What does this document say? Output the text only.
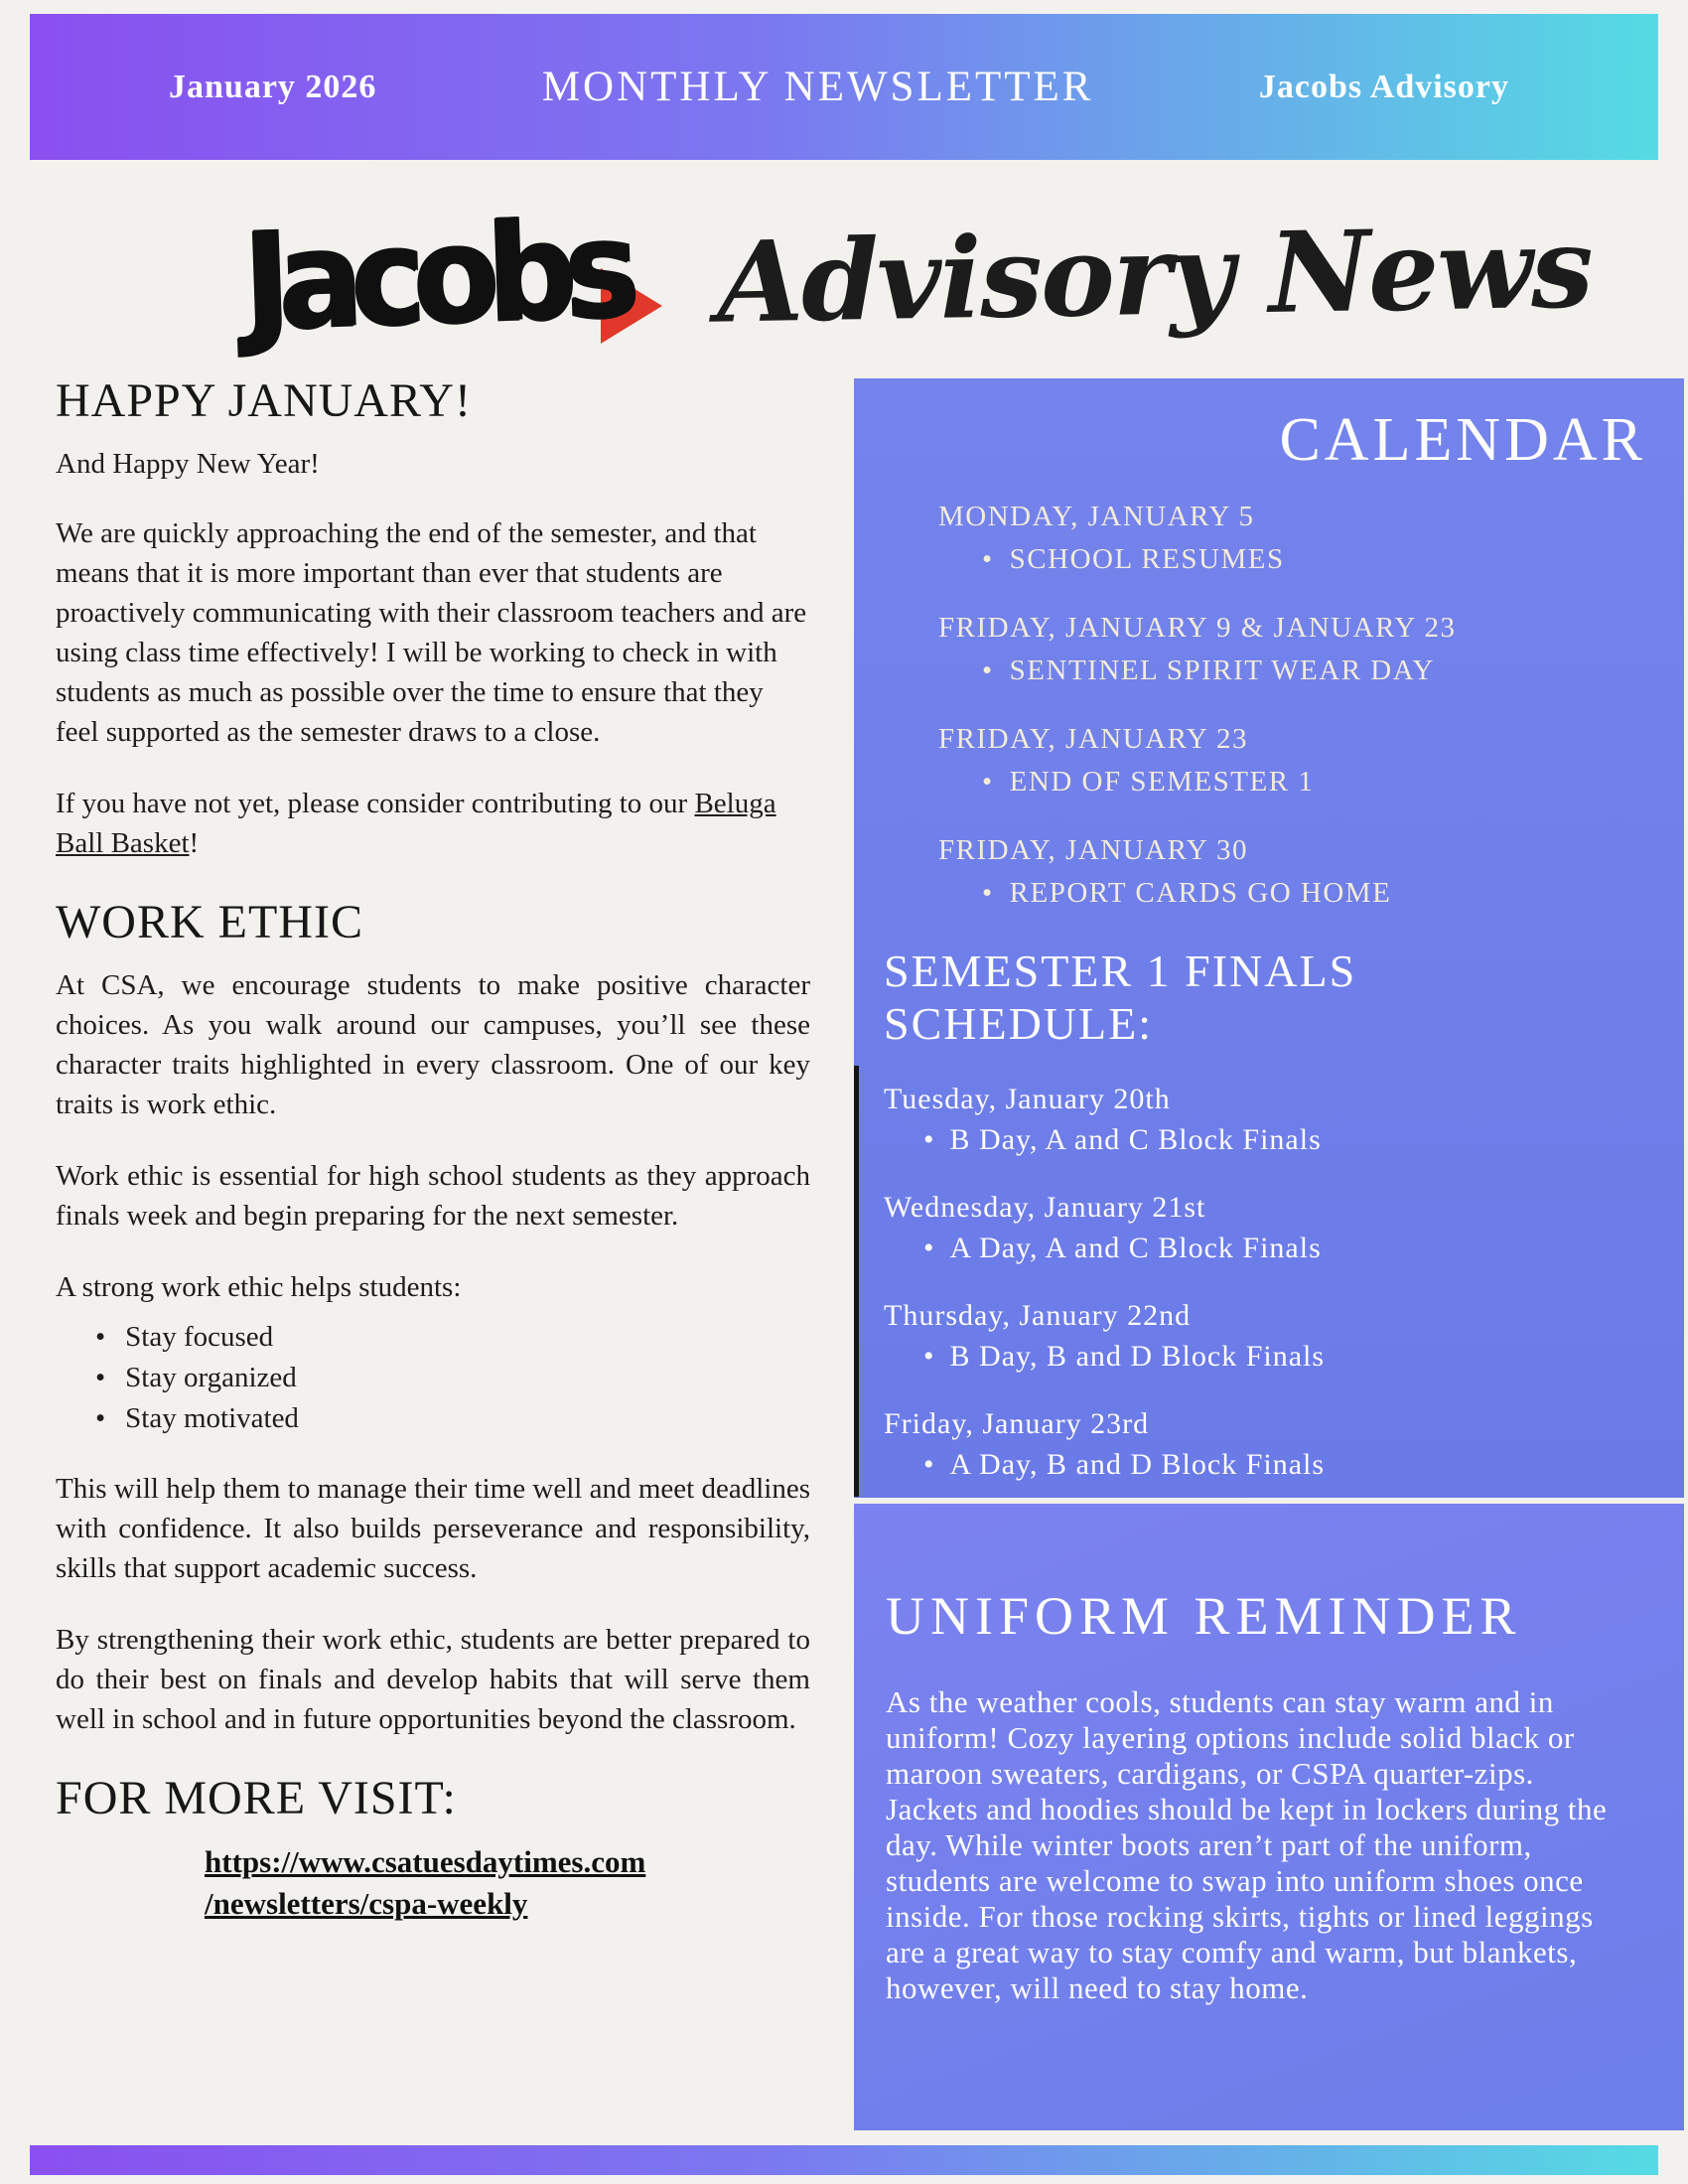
January 2026	MONTHLY NEWSLETTER	Jacobs Advisory
Jacobs Advisory News
HAPPY JANUARY!

And Happy New Year!

We are quickly approaching the end of the semester, and that means that it is more important than ever that students are proactively communicating with their classroom teachers and are using class time effectively! I will be working to check in with students as much as possible over the time to ensure that they feel supported as the semester draws to a close.

If you have not yet, please consider contributing to our Beluga Ball Basket!

WORK ETHIC

At CSA, we encourage students to make positive character choices. As you walk around our campuses, you’ll see these character traits highlighted in every classroom. One of our key traits is work ethic.

Work ethic is essential for high school students as they approach finals week and begin preparing for the next semester.

A strong work ethic helps students:

• Stay focused
• Stay organized
• Stay motivated

This will help them to manage their time well and meet deadlines with confidence. It also builds perseverance and responsibility, skills that support academic success.

By strengthening their work ethic, students are better prepared to do their best on finals and develop habits that will serve them well in school and in future opportunities beyond the classroom.

FOR MORE VISIT:
https://www.csatuesdaytimes.com
/newsletters/cspa-weekly
CALENDAR
MONDAY, JANUARY 5
• SCHOOL RESUMES
FRIDAY, JANUARY 9 & JANUARY 23
• SENTINEL SPIRIT WEAR DAY
FRIDAY, JANUARY 23
• END OF SEMESTER 1
FRIDAY, JANUARY 30
• REPORT CARDS GO HOME
SEMESTER 1 FINALS SCHEDULE:
Tuesday, January 20th
• B Day, A and C Block Finals
Wednesday, January 21st
• A Day, A and C Block Finals
Thursday, January 22nd
• B Day, B and D Block Finals
Friday, January 23rd
• A Day, B and D Block Finals
UNIFORM REMINDER

As the weather cools, students can stay warm and in uniform! Cozy layering options include solid black or maroon sweaters, cardigans, or CSPA quarter-zips. Jackets and hoodies should be kept in lockers during the day. While winter boots aren’t part of the uniform, students are welcome to swap into uniform shoes once inside. For those rocking skirts, tights or lined leggings are a great way to stay comfy and warm, but blankets, however, will need to stay home.
